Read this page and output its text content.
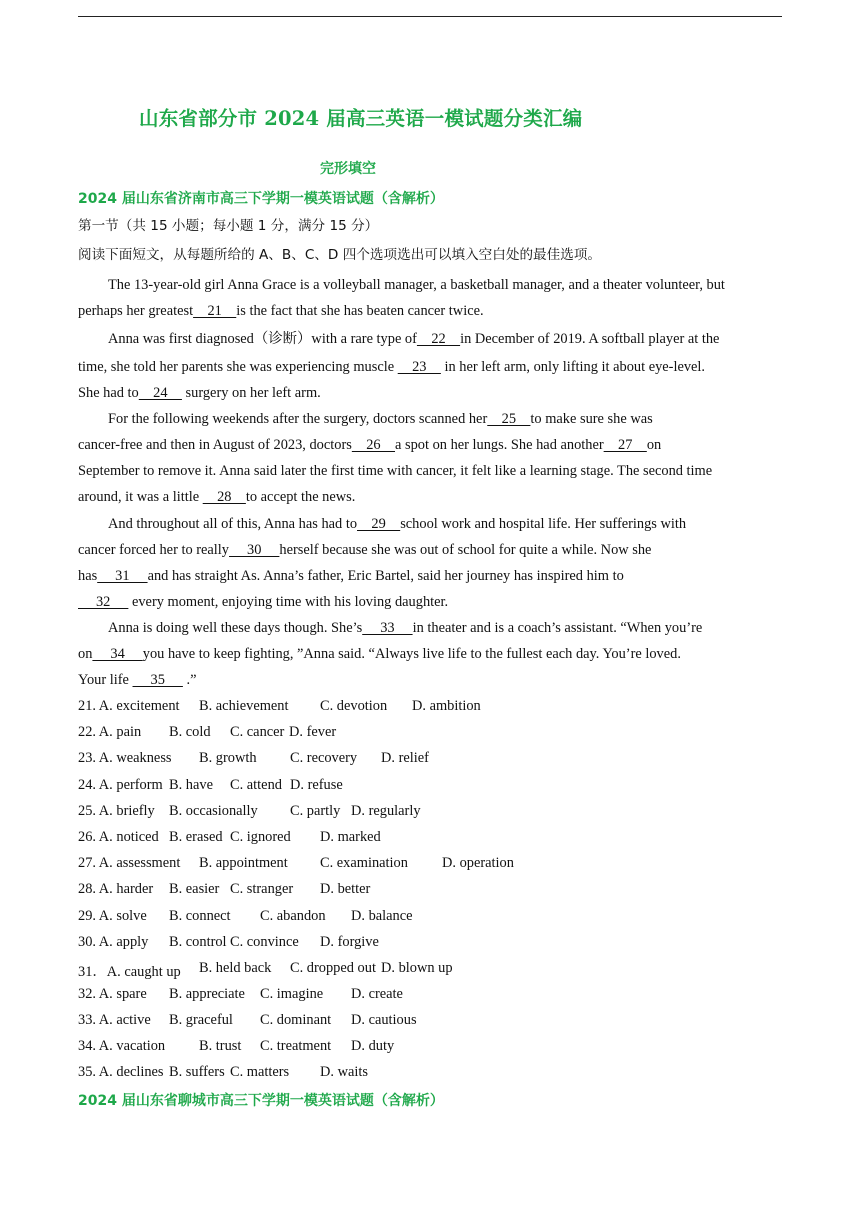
山东省部分市 2024 届高三英语一模试题分类汇编
完形填空
2024 届山东省济南市高三下学期一模英语试题（含解析）
第一节（共 15 小题；每小题 1 分，满分 15 分）
阅读下面短文，从每题所给的 A、B、C、D 四个选项选出可以填入空白处的最佳选项。
The 13-year-old girl Anna Grace is a volleyball manager, a basketball manager, and a theater volunteer, but
perhaps her greatest    21    is the fact that she has beaten cancer twice.
Anna was first diagnosed（诊断）with a rare type of    22    in December of 2019. A softball player at the
time, she told her parents she was experiencing muscle     23     in her left arm, only lifting it about eye-level.
She had to    24     surgery on her left arm.
For the following weekends after the surgery, doctors scanned her    25    to make sure she was
cancer-free and then in August of 2023, doctors    26    a spot on her lungs. She had another    27    on
September to remove it. Anna said later the first time with cancer, it felt like a learning stage. The second time
around, it was a little     28    to accept the news.
And throughout all of this, Anna has had to    29    school work and hospital life. Her sufferings with
cancer forced her to really     30     herself because she was out of school for quite a while. Now she
has     31     and has straight As. Anna’s father, Eric Bartel, said her journey has inspired him to
32      every moment, enjoying time with his loving daughter.
Anna is doing well these days though. She’s     33     in theater and is a coach’s assistant. “When you’re
on     34     you have to keep fighting, ”Anna said. “Always live life to the fullest each day. You’re loved.
Your life      35      .”
21. A. excitement B. achievement C. devotion D. ambition
22. A. pain B. cold C. cancer D. fever
23. A. weakness B. growth C. recovery D. relief
24. A. perform B. have C. attend D. refuse
25. A. briefly B. occasionally C. partly D. regularly
26. A. noticed B. erased C. ignored D. marked
27. A. assessment B. appointment C. examination D. operation
28. A. harder B. easier C. stranger D. better
29. A. solve B. connect C. abandon D. balance
30. A. apply B. control C. convince D. forgive
31．A. caught up B. held back C. dropped out D. blown up
32. A. spare B. appreciate C. imagine D. create
33. A. active B. graceful C. dominant D. cautious
34. A. vacation B. trust C. treatment D. duty
35. A. declines B. suffers C. matters D. waits
2024 届山东省聊城市高三下学期一模英语试题（含解析）
